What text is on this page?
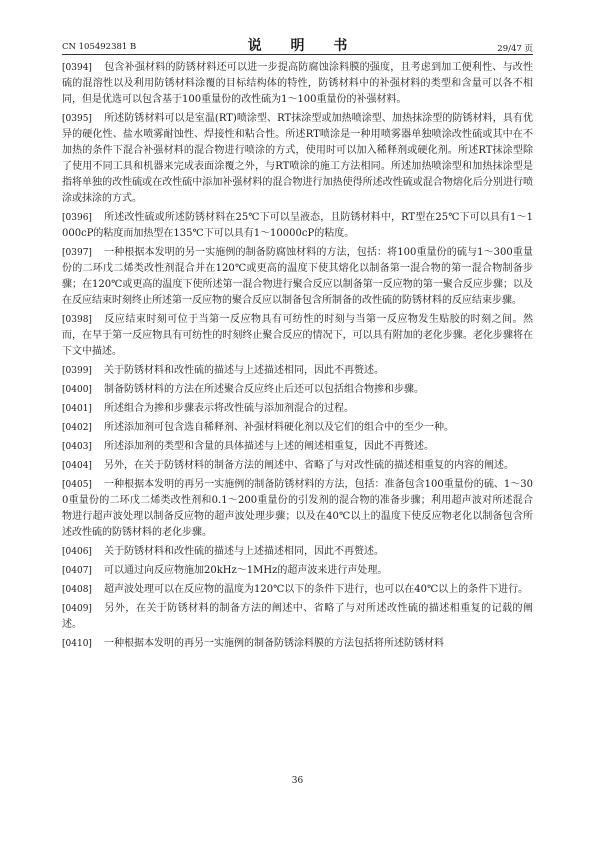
CN 105492381 B	说 明 书	29/47 页

[0394] 包含补强材料的防锈材料还可以进一步提高防腐蚀涂料膜的强度，且考虑到加工便利性、与改性硫的混溶性以及利用防锈材料涂覆的目标结构体的特性，防锈材料中的补强材料的类型和含量可以各不相同，但是优选可以包含基于100重量份的改性硫为1～100重量份的补强材料。

[0395] 所述防锈材料可以是室温(RT)喷涂型、RT抹涂型或加热喷涂型、加热抹涂型的防锈材料，具有优异的硬化性、盐水喷雾耐蚀性、焊接性和粘合性。所述RT喷涂是一种用喷雾器单独喷涂改性硫或其中在不加热的条件下混合补强材料的混合物进行喷涂的方式，使用时可以加入稀释剂或硬化剂。所述RT抹涂型除了使用不同工具和机器来完成表面涂覆之外，与RT喷涂的施工方法相同。所述加热喷涂型和加热抹涂型是指将单独的改性硫或在改性硫中添加补强材料的混合物进行加热使得所述改性硫或混合物熔化后分别进行喷涂或抹涂的方式。

[0396] 所述改性硫或所述防锈材料在25℃下可以呈液态，且防锈材料中，RT型在25℃下可以具有1～1000cP的粘度而加热型在135℃下可以具有1～10000cP的粘度。

[0397] 一种根据本发明的另一实施例的制备防腐蚀材料的方法，包括：将100重量份的硫与1～300重量份的二环戊二烯类改性剂混合并在120℃或更高的温度下使其熔化以制备第一混合物的第一混合物制备步骤；在120℃或更高的温度下使所述第一混合物进行聚合反应以制备第一反应物的第一聚合反应步骤；以及在反应结束时刻终止所述第一反应物的聚合反应以制备包含所制备的改性硫的防锈材料的反应结束步骤。

[0398] 反应结束时刻可位于当第一反应物具有可纺性的时刻与当第一反应物发生贴胶的时刻之间。然而，在早于第一反应物具有可纺性的时刻终止聚合反应的情况下，可以具有附加的老化步骤。老化步骤将在下文中描述。

[0399] 关于防锈材料和改性硫的描述与上述描述相同，因此不再赘述。

[0400] 制备防锈材料的方法在所述聚合反应终止后还可以包括组合物掺和步骤。

[0401] 所述组合为掺和步骤表示将改性硫与添加剂混合的过程。

[0402] 所述添加剂可包含选自稀释剂、补强材料硬化剂以及它们的组合中的至少一种。

[0403] 所述添加剂的类型和含量的具体描述与上述的阐述相重复，因此不再赘述。

[0404] 另外，在关于防锈材料的制备方法的阐述中、省略了与对改性硫的描述相重复的内容的阐述。

[0405] 一种根据本发明的再另一实施例的制备防锈材料的方法，包括：准备包含100重量份的硫、1～300重量份的二环戊二烯类改性剂和0.1～200重量份的引发剂的混合物的准备步骤；利用超声波对所述混合物进行超声波处理以制备反应物的超声波处理步骤；以及在40℃以上的温度下使反应物老化以制备包含所述改性硫的防锈材料的老化步骤。

[0406] 关于防锈材料和改性硫的描述与上述描述相同，因此不再赘述。

[0407] 可以通过向反应物施加20kHz～1MHz的超声波来进行声处理。

[0408] 超声波处理可以在反应物的温度为120℃以下的条件下进行，也可以在40℃以上的条件下进行。

[0409] 另外，在关于防锈材料的制备方法的阐述中、省略了与对所述改性硫的描述相重复的记载的阐述。

[0410] 一种根据本发明的再另一实施例的制备防锈涂料膜的方法包括将所述防锈材料

36
